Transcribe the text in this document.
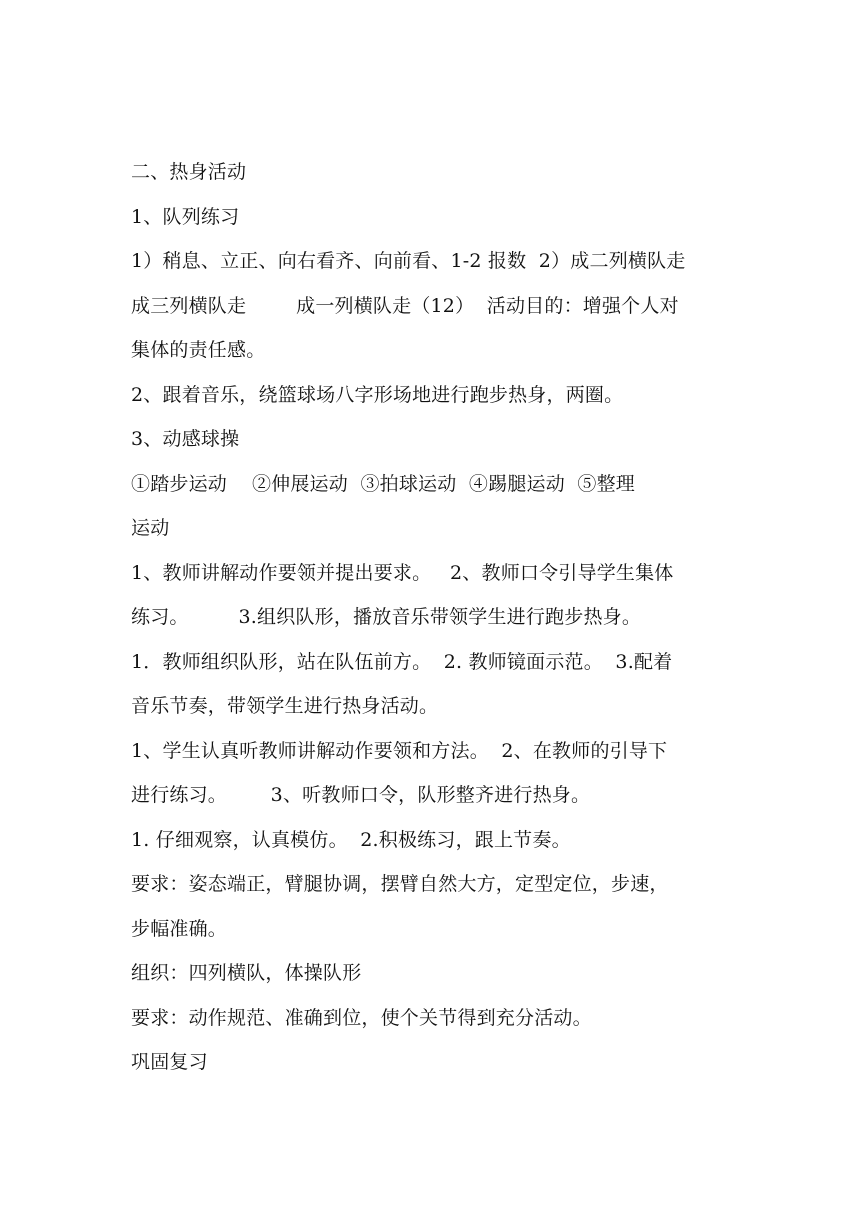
二、热身活动
1、队列练习
1）稍息、立正、向右看齐、向前看、1-2 报数  2）成二列横队走
成三列横队走        成一列横队走（12）  活动目的：增强个人对
集体的责任感。
2、跟着音乐，绕篮球场八字形场地进行跑步热身，两圈。
3、动感球操
①踏步运动    ②伸展运动  ③拍球运动  ④踢腿运动  ⑤整理
运动
1、教师讲解动作要领并提出要求。   2、教师口令引导学生集体
练习。        3.组织队形，播放音乐带领学生进行跑步热身。
1．教师组织队形，站在队伍前方。  2. 教师镜面示范。  3.配着
音乐节奏，带领学生进行热身活动。
1、学生认真听教师讲解动作要领和方法。  2、在教师的引导下
进行练习。       3、听教师口令，队形整齐进行热身。
1. 仔细观察，认真模仿。  2.积极练习，跟上节奏。
要求：姿态端正，臂腿协调，摆臂自然大方，定型定位，步速，
步幅准确。
组织：四列横队，体操队形
要求：动作规范、准确到位，使个关节得到充分活动。
巩固复习
